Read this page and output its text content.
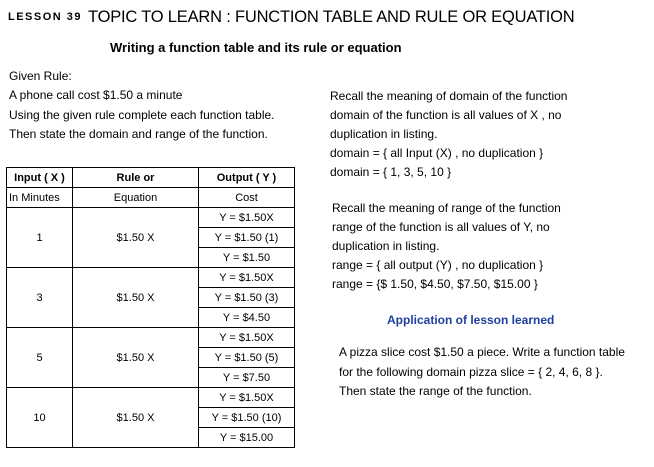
LESSON 39 TOPIC TO LEARN : FUNCTION TABLE AND RULE OR EQUATION
Writing a function table and its rule or equation
Given Rule:
A phone call cost $1.50 a minute
Using the given rule complete each function table.
Then state the domain and range of the function.
Input ( X )	Rule or	Output ( Y )
In Minutes	Equation	Cost
1	$1.50 X	Y = $1.50X
		Y = $1.50 (1)
		Y = $1.50
3	$1.50 X	Y = $1.50X
		Y = $1.50 (3)
		Y = $4.50
5	$1.50 X	Y = $1.50X
		Y = $1.50 (5)
		Y = $7.50
10	$1.50 X	Y = $1.50X
		Y = $1.50 (10)
		Y = $15.00
Recall the meaning of domain of the function
domain of the function is all values of X , no
duplication in listing.
domain = { all Input (X) , no duplication }
domain = { 1, 3, 5, 10 }
Recall the meaning of range of the function
range of the function is all values of Y, no
duplication in listing.
range = { all output (Y) , no duplication }
range = {$ 1.50, $4.50, $7.50, $15.00 }
Application of lesson learned
A pizza slice cost $1.50 a piece. Write a function table
for the following domain pizza slice = { 2, 4, 6, 8 }.
Then state the range of the function.
